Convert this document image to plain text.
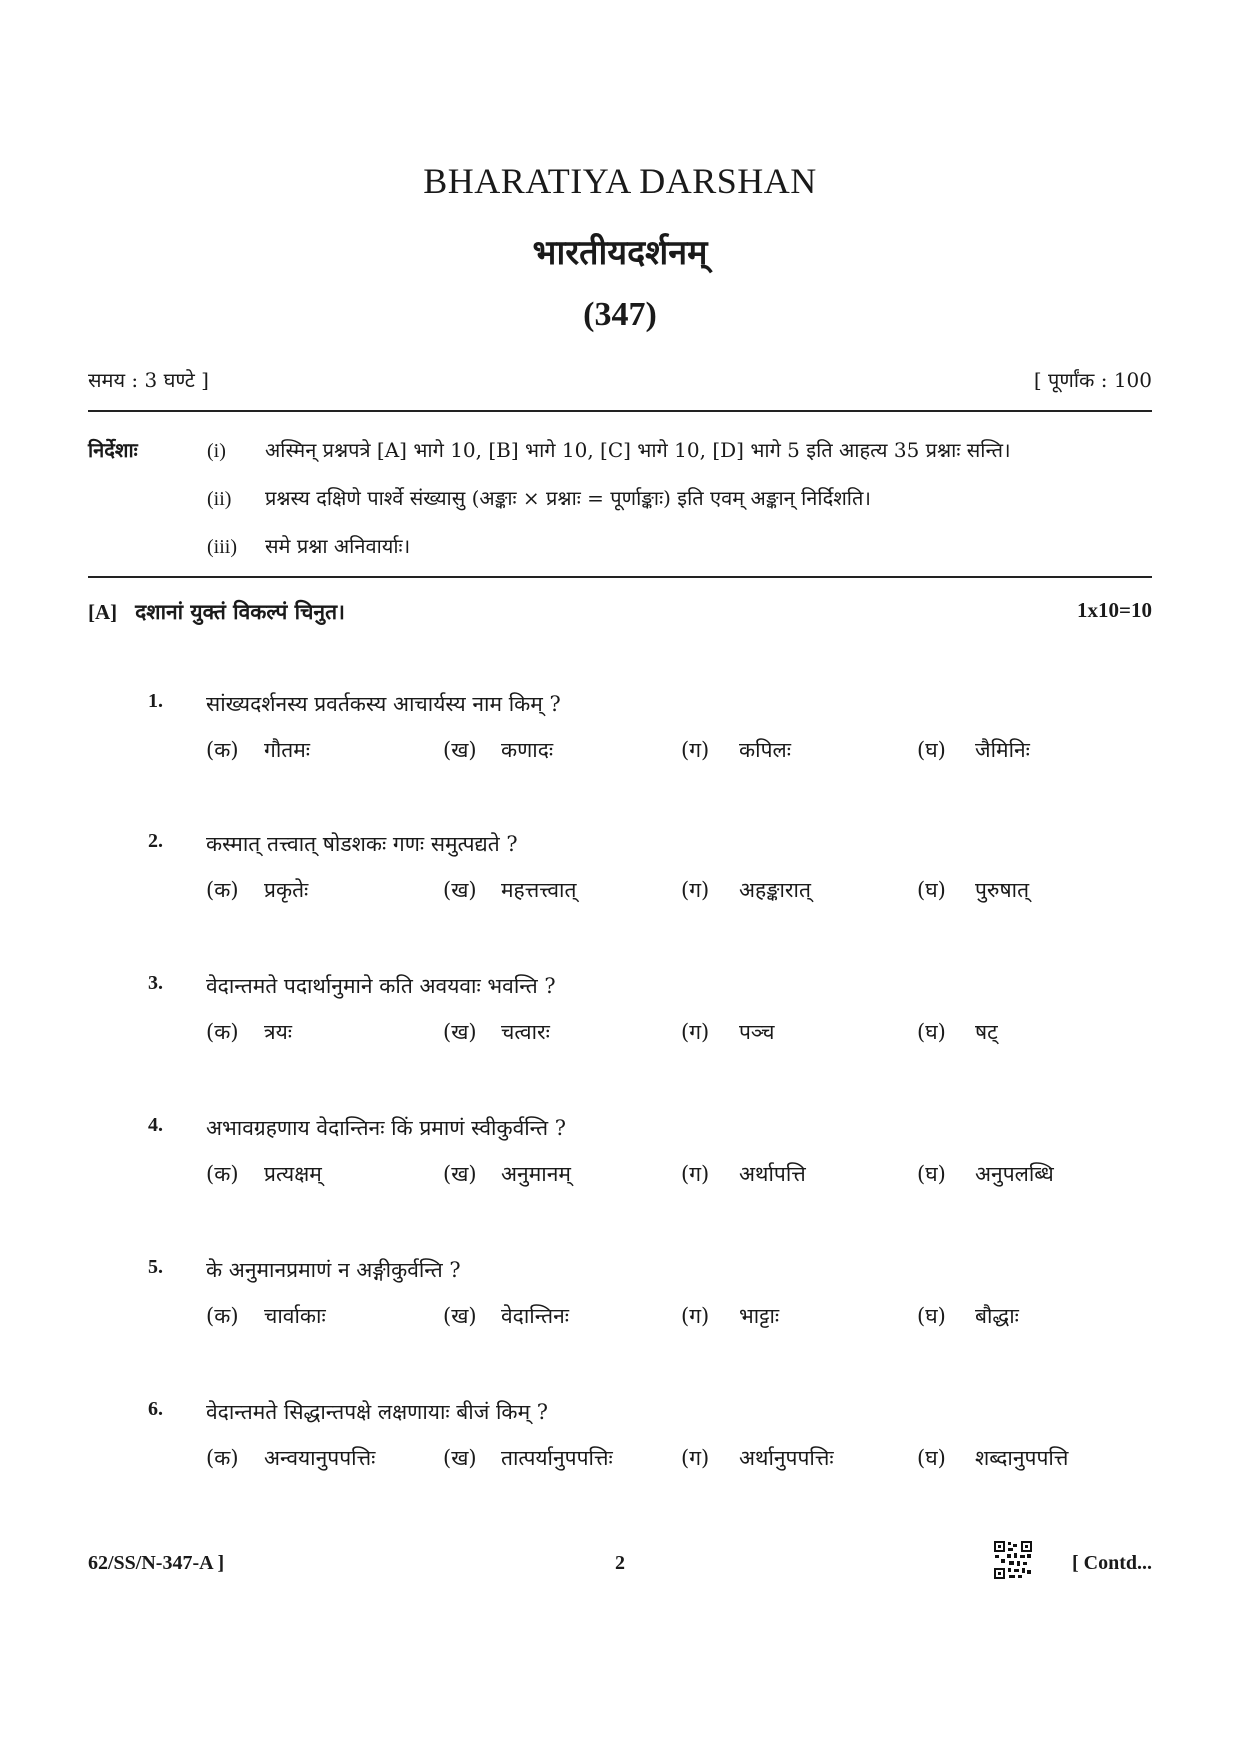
BHARATIYA DARSHAN
भारतीयदर्शनम्
(347)
समय : 3 घण्टे ]	[ पूर्णांक : 100
निर्देशाः	(i) अस्मिन् प्रश्नपत्रे [A] भागे 10, [B] भागे 10, [C] भागे 10, [D] भागे 5 इति आहत्य 35 प्रश्नाः सन्ति।
(ii) प्रश्नस्य दक्षिणे पार्श्वे संख्यासु (अङ्काः × प्रश्नाः = पूर्णाङ्काः) इति एवम् अङ्कान् निर्दिशति।
(iii) समे प्रश्ना अनिवार्याः।
[A] दशानां युक्तं विकल्पं चिनुत।	1x10=10
1. सांख्यदर्शनस्य प्रवर्तकस्य आचार्यस्य नाम किम् ?
(क) गौतमः	(ख) कणादः	(ग) कपिलः	(घ) जैमिनिः
2. कस्मात् तत्त्वात् षोडशकः गणः समुत्पद्यते ?
(क) प्रकृतेः	(ख) महत्तत्त्वात्	(ग) अहङ्कारात्	(घ) पुरुषात्
3. वेदान्तमते पदार्थानुमाने कति अवयवाः भवन्ति ?
(क) त्रयः	(ख) चत्वारः	(ग) पञ्च	(घ) षट्
4. अभावग्रहणाय वेदान्तिनः किं प्रमाणं स्वीकुर्वन्ति ?
(क) प्रत्यक्षम्	(ख) अनुमानम्	(ग) अर्थापत्ति	(घ) अनुपलब्धि
5. के अनुमानप्रमाणं न अङ्गीकुर्वन्ति ?
(क) चार्वाकाः	(ख) वेदान्तिनः	(ग) भाट्टाः	(घ) बौद्धाः
6. वेदान्तमते सिद्धान्तपक्षे लक्षणायाः बीजं किम् ?
(क) अन्वयानुपपत्तिः	(ख) तात्पर्यानुपपत्तिः	(ग) अर्थानुपपत्तिः	(घ) शब्दानुपपत्ति
62/SS/N-347-A ]	2	[ Contd...
